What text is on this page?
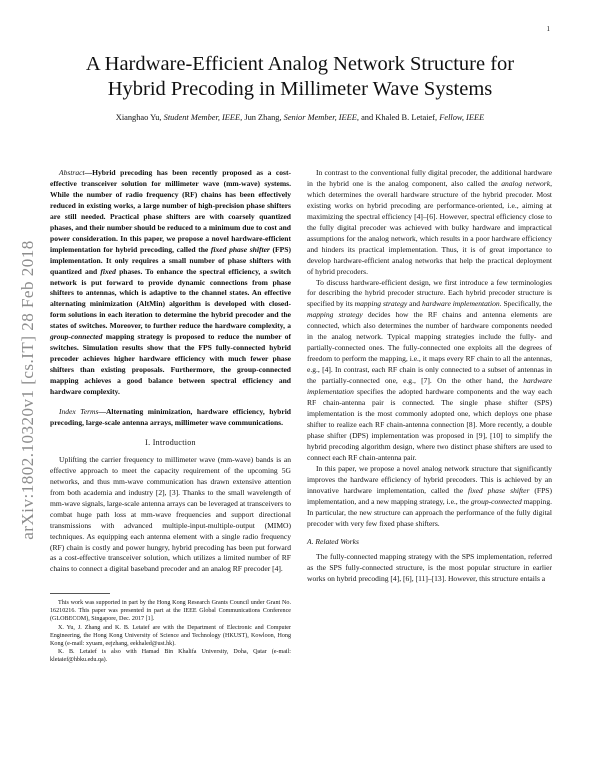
1
arXiv:1802.10320v1 [cs.IT] 28 Feb 2018
A Hardware-Efficient Analog Network Structure for
Hybrid Precoding in Millimeter Wave Systems
Xianghao Yu, Student Member, IEEE, Jun Zhang, Senior Member, IEEE, and Khaled B. Letaief, Fellow, IEEE

Abstract—Hybrid precoding has been recently proposed as a cost-effective transceiver solution for millimeter wave (mm-wave) systems. While the number of radio frequency (RF) chains has been effectively reduced in existing works, a large number of high-precision phase shifters are still needed. Practical phase shifters are with coarsely quantized phases, and their number should be reduced to a minimum due to cost and power consideration. In this paper, we propose a novel hardware-efficient implementation for hybrid precoding, called the fixed phase shifter (FPS) implementation. It only requires a small number of phase shifters with quantized and fixed phases. To enhance the spectral efficiency, a switch network is put forward to provide dynamic connections from phase shifters to antennas, which is adaptive to the channel states. An effective alternating minimization (AltMin) algorithm is developed with closed-form solutions in each iteration to determine the hybrid precoder and the states of switches. Moreover, to further reduce the hardware complexity, a group-connected mapping strategy is proposed to reduce the number of switches. Simulation results show that the FPS fully-connected hybrid precoder achieves higher hardware efficiency with much fewer phase shifters than existing proposals. Furthermore, the group-connected mapping achieves a good balance between spectral efficiency and hardware complexity.

Index Terms—Alternating minimization, hardware efficiency, hybrid precoding, large-scale antenna arrays, millimeter wave communications.

I. Introduction

Uplifting the carrier frequency to millimeter wave (mm-wave) bands is an effective approach to meet the capacity requirement of the upcoming 5G networks, and thus mm-wave communication has drawn extensive attention from both academia and industry [2], [3]. Thanks to the small wavelength of mm-wave signals, large-scale antenna arrays can be leveraged at transceivers to combat huge path loss at mm-wave frequencies and support directional transmissions with advanced multiple-input-multiple-output (MIMO) techniques. As equipping each antenna element with a single radio frequency (RF) chain is costly and power hungry, hybrid precoding has been put forward as a cost-effective transceiver solution, which utilizes a limited number of RF chains to connect a digital baseband precoder and an analog RF precoder [4].

This work was supported in part by the Hong Kong Research Grants Council under Grant No. 16210216. This paper was presented in part at the IEEE Global Communications Conference (GLOBECOM), Singapore, Dec. 2017 [1].

X. Yu, J. Zhang and K. B. Letaief are with the Department of Electronic and Computer Engineering, the Hong Kong University of Science and Technology (HKUST), Kowloon, Hong Kong (e-mail: xyuam, eejzhang, eekhaled@ust.hk).

K. B. Letaief is also with Hamad Bin Khalifa University, Doha, Qatar (e-mail: kletaief@hbku.edu.qa).

In contrast to the conventional fully digital precoder, the additional hardware in the hybrid one is the analog component, also called the analog network, which determines the overall hardware structure of the hybrid precoder. Most existing works on hybrid precoding are performance-oriented, i.e., aiming at maximizing the spectral efficiency [4]–[6]. However, spectral efficiency close to the fully digital precoder was achieved with bulky hardware and impractical assumptions for the analog network, which results in a poor hardware efficiency and hinders its practical implementation. Thus, it is of great importance to develop hardware-efficient analog networks that help the practical deployment of hybrid precoders.

To discuss hardware-efficient design, we first introduce a few terminologies for describing the hybrid precoder structure. Each hybrid precoder structure is specified by its mapping strategy and hardware implementation. Specifically, the mapping strategy decides how the RF chains and antenna elements are connected, which also determines the number of hardware components needed in the analog network. Typical mapping strategies include the fully- and partially-connected ones. The fully-connected one exploits all the degrees of freedom to perform the mapping, i.e., it maps every RF chain to all the antennas, e.g., [4]. In contrast, each RF chain is only connected to a subset of antennas in the partially-connected one, e.g., [7]. On the other hand, the hardware implementation specifies the adopted hardware components and the way each RF chain-antenna pair is connected. The single phase shifter (SPS) implementation is the most commonly adopted one, which deploys one phase shifter to realize each RF chain-antenna connection [8]. More recently, a double phase shifter (DPS) implementation was proposed in [9], [10] to simplify the hybrid precoding algorithm design, where two distinct phase shifters are used to connect each RF chain-antenna pair.

In this paper, we propose a novel analog network structure that significantly improves the hardware efficiency of hybrid precoders. This is achieved by an innovative hardware implementation, called the fixed phase shifter (FPS) implementation, and a new mapping strategy, i.e., the group-connected mapping. In particular, the new structure can approach the performance of the fully digital precoder with very few fixed phase shifters.

A. Related Works

The fully-connected mapping strategy with the SPS implementation, referred as the SPS fully-connected structure, is the most popular structure in earlier works on hybrid precoding [4], [6], [11]–[13]. However, this structure entails a
